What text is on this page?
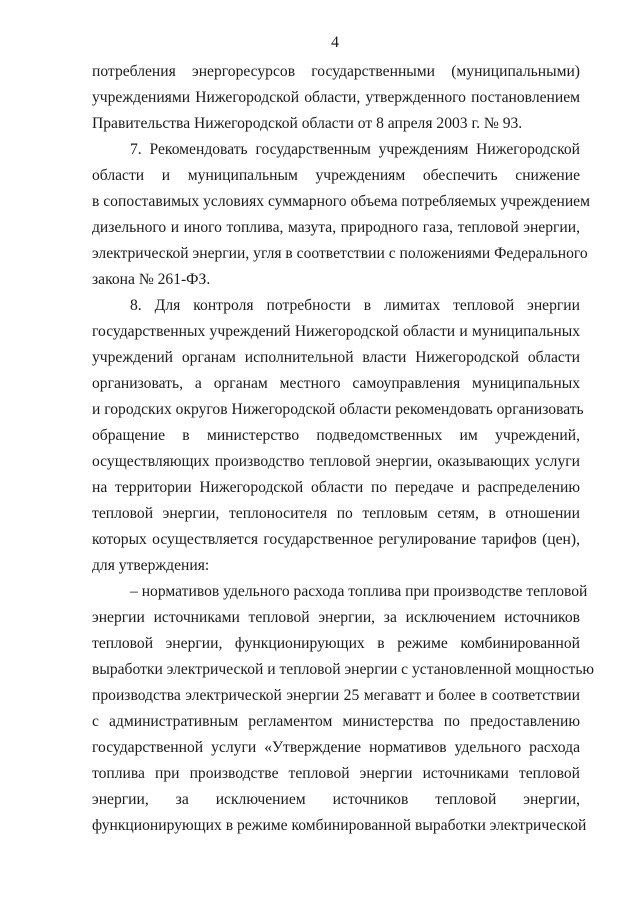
4
потребления энергоресурсов государственными (муниципальными)
учреждениями Нижегородской области, утвержденного постановлением
Правительства Нижегородской области от 8 апреля 2003 г. № 93.
7. Рекомендовать государственным учреждениям Нижегородской
области и муниципальным учреждениям обеспечить снижение
в сопоставимых условиях суммарного объема потребляемых учреждением
дизельного и иного топлива, мазута, природного газа, тепловой энергии,
электрической энергии, угля в соответствии с положениями Федерального
закона № 261-ФЗ.
8. Для контроля потребности в лимитах тепловой энергии
государственных учреждений Нижегородской области и муниципальных
учреждений органам исполнительной власти Нижегородской области
организовать, а органам местного самоуправления муниципальных
и городских округов Нижегородской области рекомендовать организовать
обращение в министерство подведомственных им учреждений,
осуществляющих производство тепловой энергии, оказывающих услуги
на территории Нижегородской области по передаче и распределению
тепловой энергии, теплоносителя по тепловым сетям, в отношении
которых осуществляется государственное регулирование тарифов (цен),
для утверждения:
– нормативов удельного расхода топлива при производстве тепловой
энергии источниками тепловой энергии, за исключением источников
тепловой энергии, функционирующих в режиме комбинированной
выработки электрической и тепловой энергии с установленной мощностью
производства электрической энергии 25 мегаватт и более в соответствии
с административным регламентом министерства по предоставлению
государственной услуги «Утверждение нормативов удельного расхода
топлива при производстве тепловой энергии источниками тепловой
энергии, за исключением источников тепловой энергии,
функционирующих в режиме комбинированной выработки электрической
